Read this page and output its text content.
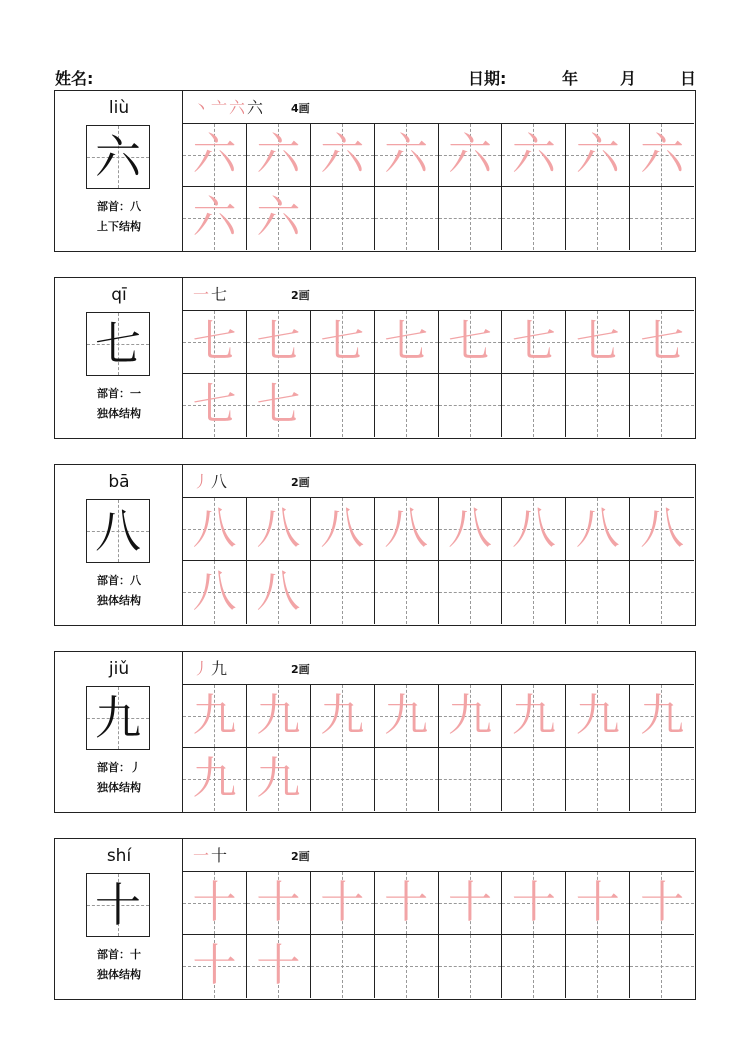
姓名:	日期:	年	月	日
liù
六
部首：八
上下结构
丶亠六六 4画
六 六 六 六 六 六 六 六
六 六
qī
七
部首：一
独体结构
一七	2画
七 七 七 七 七 七 七 七
七 七
bā
八
部首：八
独体结构
丿八	2画
八 八 八 八 八 八 八 八
八 八
jiǔ
九
部首：丿
独体结构
丿九	2画
九 九 九 九 九 九 九 九
九 九
shí
十
部首：十
独体结构
一十	2画
十 十 十 十 十 十 十 十
十 十
